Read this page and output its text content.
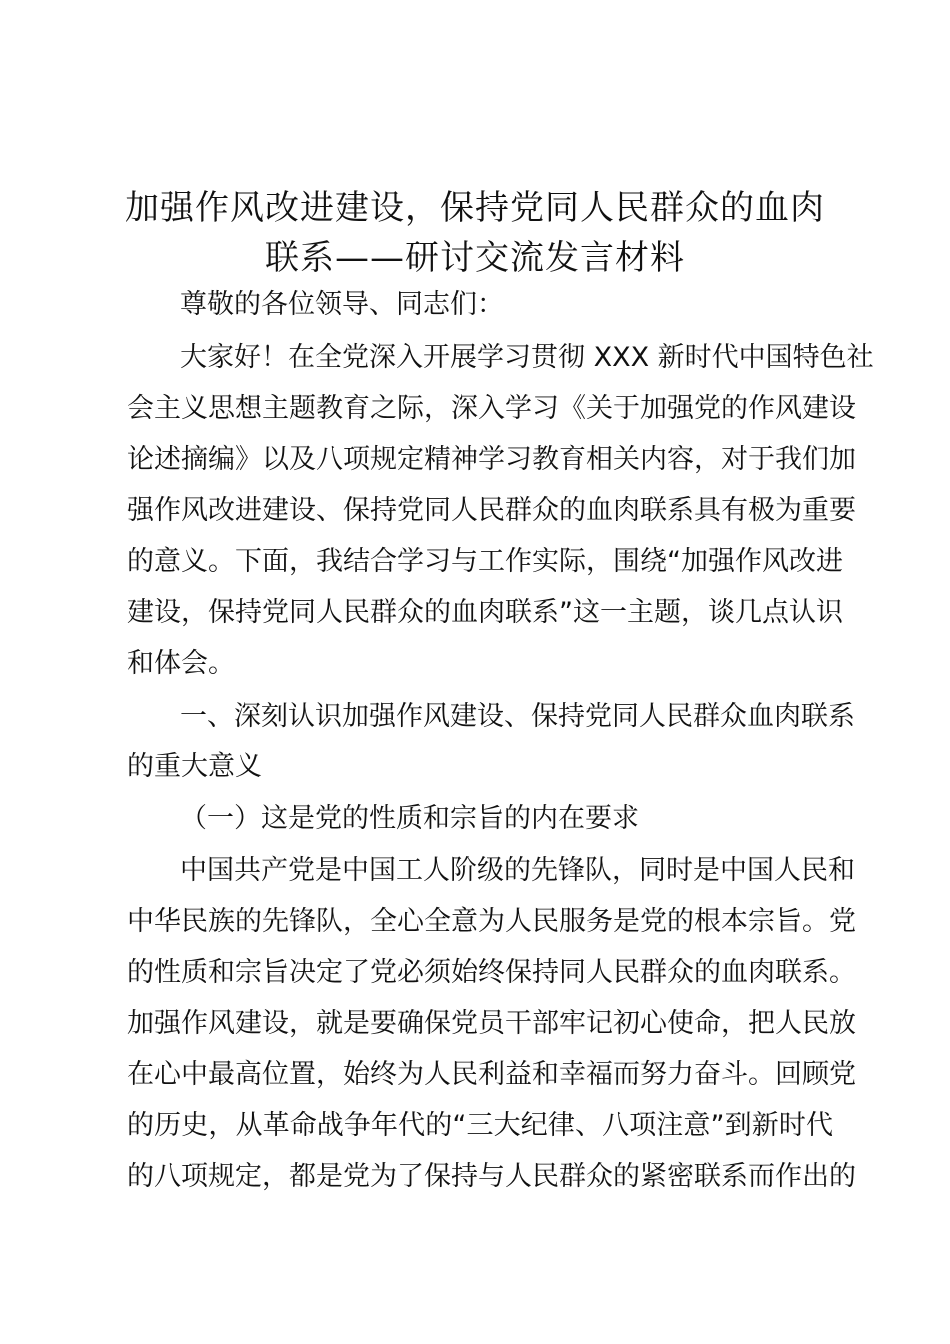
加强作风改进建设，保持党同人民群众的血肉
联系——研讨交流发言材料

尊敬的各位领导、同志们：

大家好！在全党深入开展学习贯彻 XXX 新时代中国特色社

会主义思想主题教育之际，深入学习《关于加强党的作风建设

论述摘编》以及八项规定精神学习教育相关内容，对于我们加

强作风改进建设、保持党同人民群众的血肉联系具有极为重要

的意义。下面，我结合学习与工作实际，围绕“加强作风改进

建设，保持党同人民群众的血肉联系”这一主题，谈几点认识

和体会。

一、深刻认识加强作风建设、保持党同人民群众血肉联系

的重大意义

（一）这是党的性质和宗旨的内在要求

中国共产党是中国工人阶级的先锋队，同时是中国人民和

中华民族的先锋队，全心全意为人民服务是党的根本宗旨。党

的性质和宗旨决定了党必须始终保持同人民群众的血肉联系。

加强作风建设，就是要确保党员干部牢记初心使命，把人民放

在心中最高位置，始终为人民利益和幸福而努力奋斗。回顾党

的历史，从革命战争年代的“三大纪律、八项注意”到新时代

的八项规定，都是党为了保持与人民群众的紧密联系而作出的
